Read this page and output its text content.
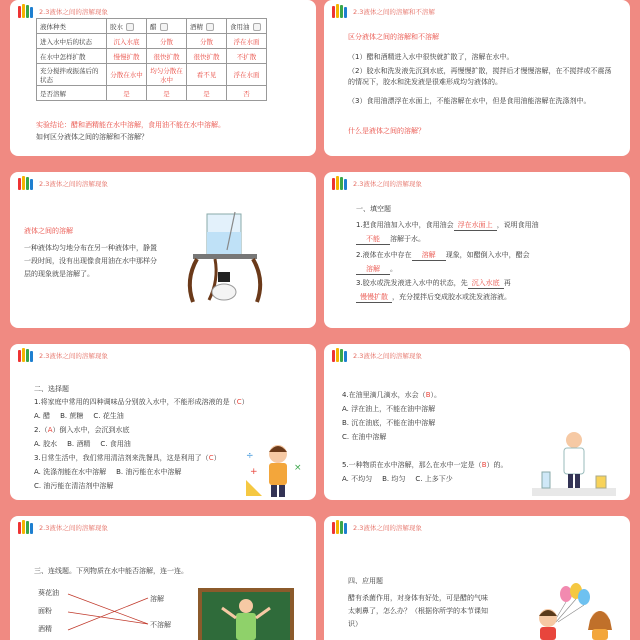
2.3液体之间的溶解现象
液体种类	胶水	醋	酒精	食用油
进入水中后的状态	沉入水底	分散	分散	浮在水面
在水中怎样扩散	慢慢扩散	很快扩散	很快扩散	不扩散
充分搅拌或振荡后的状态	分散在水中	均匀分散在水中	看不见	浮在水面
是否溶解	是	是	是	否
实验结论：醋和酒精能在水中溶解，食用油不能在水中溶解。
如何区分液体之间的溶解和不溶解？
2.3液体之间的溶解和不溶解
区分液体之间的溶解和不溶解
（1）醋和酒精进入水中很快就扩散了，溶解在水中。
（2）胶水和洗发液先沉到水底，再慢慢扩散，搅拌后才慢慢溶解，在不搅拌或不震荡的情况下，胶水和洗发液是很难形成均匀液体的。
（3）食用油漂浮在水面上，不能溶解在水中，但是食用油能溶解在洗涤剂中。
什么是液体之间的溶解？
2.3液体之间的溶解现象
液体之间的溶解
一种液体均匀地分布在另一种液体中，静置一段时间，没有出现像食用油在水中那样分层的现象就是溶解了。
2.3液体之间的溶解现象
一、填空题
1.把食用油加入水中，食用油会 浮在水面上 ，说明食用油
不能 溶解于水。
2.液体在水中存在 溶解 现象，如醋倒入水中，醋会
溶解 。
3.胶水或洗发液进入水中的状态，先 沉入水底 再
慢慢扩散 ，充分搅拌后变成胶水或洗发液溶液。
2.3液体之间的溶解现象
二、选择题
1.将家庭中常用的四种调味品分别放入水中，不能形成溶液的是（C）
A. 醋 B. 蔗糖 C. 花生油
2.（A）倒入水中，会沉到水底
A. 胶水 B. 酒精 C. 食用油
3.日常生活中，我们常用清洁剂来洗餐具，这是利用了（C）
A. 洗涤剂能在水中溶解 B. 油污能在水中溶解
C. 油污能在清洁剂中溶解
÷
+	×
2.3液体之间的溶解现象
4.在油里滴几滴水，水会（B）。
A. 浮在油上，不能在油中溶解
B. 沉在油底，不能在油中溶解
C. 在油中溶解
5.一种物质在水中溶解，那么在水中一定是（B）的。
A. 不均匀 B. 均匀 C. 上多下少
2.3液体之间的溶解现象
三、连线题。下列物质在水中能否溶解，连一连。
葵花油
面粉
酒精
溶解
不溶解
2.3液体之间的溶解现象
四、应用题
醋有杀菌作用，对身体有好处，可是醋的气味太刺鼻了，怎么办？（根据你所学的本节课知识）
